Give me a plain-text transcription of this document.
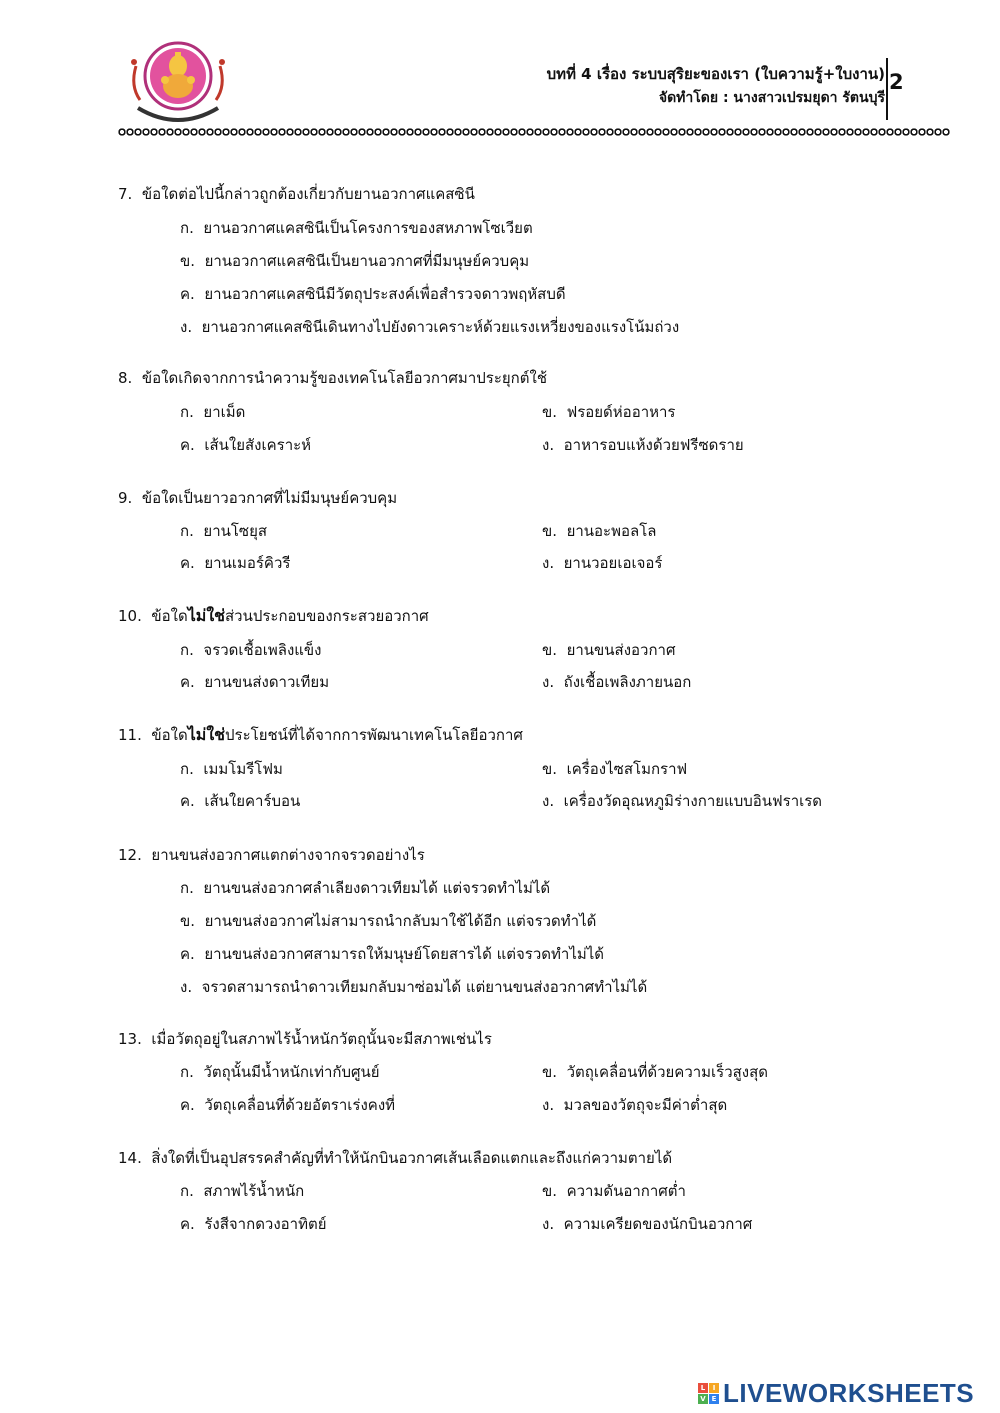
บทที่ 4 เรื่อง ระบบสุริยะของเรา (ใบความรู้+ใบงาน)
จัดทำโดย : นางสาวเปรมยุดา รัตนบุรี
2
7. ข้อใดต่อไปนี้กล่าวถูกต้องเกี่ยวกับยานอวกาศแคสซินี
ก. ยานอวกาศแคสซินีเป็นโครงการของสหภาพโซเวียต
ข. ยานอวกาศแคสซินีเป็นยานอวกาศที่มีมนุษย์ควบคุม
ค. ยานอวกาศแคสซินีมีวัตถุประสงค์เพื่อสำรวจดาวพฤหัสบดี
ง. ยานอวกาศแคสซินีเดินทางไปยังดาวเคราะห์ด้วยแรงเหวี่ยงของแรงโน้มถ่วง
8. ข้อใดเกิดจากการนำความรู้ของเทคโนโลยีอวกาศมาประยุกต์ใช้
ก. ยาเม็ด	ข. ฟรอยด์ห่ออาหาร
ค. เส้นใยสังเคราะห์	ง. อาหารอบแห้งด้วยฟรีซดราย
9. ข้อใดเป็นยาวอวกาศที่ไม่มีมนุษย์ควบคุม
ก. ยานโซยุส	ข. ยานอะพอลโล
ค. ยานเมอร์คิวรี	ง. ยานวอยเอเจอร์
10. ข้อใดไม่ใช่ส่วนประกอบของกระสวยอวกาศ
ก. จรวดเชื้อเพลิงแข็ง	ข. ยานขนส่งอวกาศ
ค. ยานขนส่งดาวเทียม	ง. ถังเชื้อเพลิงภายนอก
11. ข้อใดไม่ใช่ประโยชน์ที่ได้จากการพัฒนาเทคโนโลยีอวกาศ
ก. เมมโมรีโฟม	ข. เครื่องไซสโมกราฟ
ค. เส้นใยคาร์บอน	ง. เครื่องวัดอุณหภูมิร่างกายแบบอินฟราเรด
12. ยานขนส่งอวกาศแตกต่างจากจรวดอย่างไร
ก. ยานขนส่งอวกาศลำเลียงดาวเทียมได้ แต่จรวดทำไม่ได้
ข. ยานขนส่งอวกาศไม่สามารถนำกลับมาใช้ได้อีก แต่จรวดทำได้
ค. ยานขนส่งอวกาศสามารถให้มนุษย์โดยสารได้ แต่จรวดทำไม่ได้
ง. จรวดสามารถนำดาวเทียมกลับมาซ่อมได้ แต่ยานขนส่งอวกาศทำไม่ได้
13. เมื่อวัตถุอยู่ในสภาพไร้น้ำหนักวัตถุนั้นจะมีสภาพเช่นไร
ก. วัตถุนั้นมีน้ำหนักเท่ากับศูนย์	ข. วัตถุเคลื่อนที่ด้วยความเร็วสูงสุด
ค. วัตถุเคลื่อนที่ด้วยอัตราเร่งคงที่	ง. มวลของวัตถุจะมีค่าต่ำสุด
14. สิ่งใดที่เป็นอุปสรรคสำคัญที่ทำให้นักบินอวกาศเส้นเลือดแตกและถึงแก่ความตายได้
ก. สภาพไร้น้ำหนัก	ข. ความดันอากาศต่ำ
ค. รังสีจากดวงอาทิตย์	ง. ความเครียดของนักบินอวกาศ
L	I
V E LIVEWORKSHEETS
